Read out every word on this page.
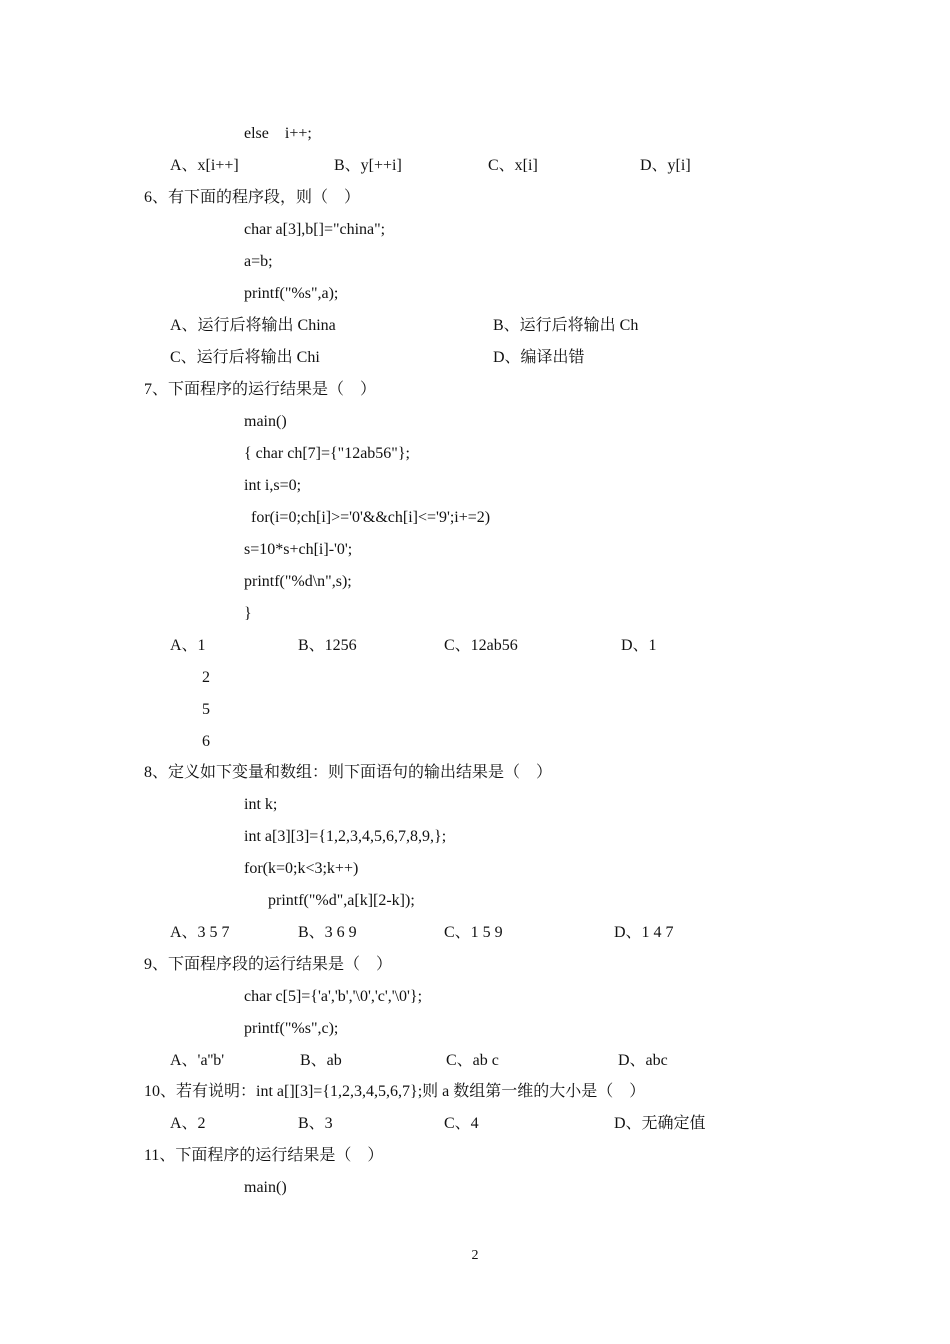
else    i++;
A、x[i++]	B、y[++i]	C、x[i]	D、y[i]
6、有下面的程序段，则（    ）
char a[3],b[]="china";
a=b;
printf("%s",a);
A、运行后将输出 China	B、运行后将输出 Ch
C、运行后将输出 Chi	D、编译出错
7、下面程序的运行结果是（    ）
main()
{ char ch[7]={"12ab56"};
int i,s=0;
for(i=0;ch[i]>='0'&&ch[i]<='9';i+=2)
s=10*s+ch[i]-'0';
printf("%d\n",s);
}
A、1	B、1256	C、12ab56	D、1
2
5
6
8、定义如下变量和数组：则下面语句的输出结果是（    ）
int k;
int a[3][3]={1,2,3,4,5,6,7,8,9,};
for(k=0;k<3;k++)
printf("%d",a[k][2-k]);
A、3 5 7	B、3 6 9	C、1 5 9	D、1 4 7
9、下面程序段的运行结果是（    ）
char c[5]={'a','b','\0','c','\0'};
printf("%s",c);
A、'a''b'	B、ab	C、ab c	D、abc
10、若有说明：int a[][3]={1,2,3,4,5,6,7};则 a 数组第一维的大小是（    ）
A、2	B、3	C、4	D、无确定值
11、下面程序的运行结果是（    ）
main()
2
